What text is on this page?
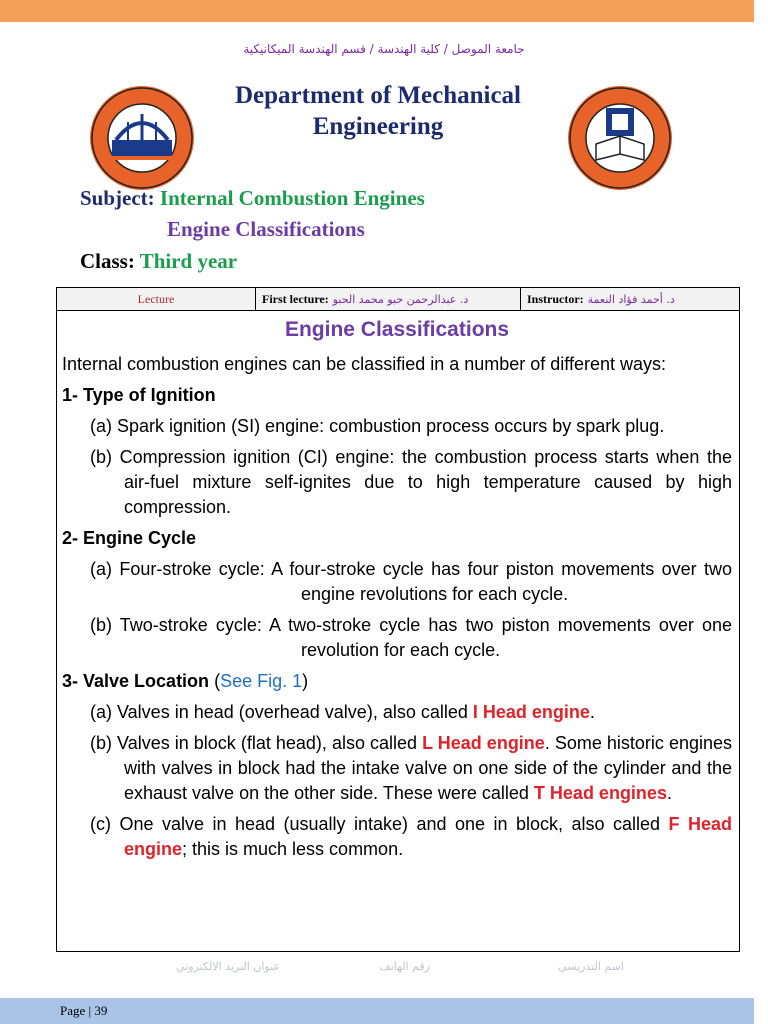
جامعة الموصل / كلية الهندسة / قسم الهندسة الميكانيكية
Department of Mechanical
Engineering
Subject: Internal Combustion Engines
Engine Classifications
Class: Third year
Lecture	First lecture: د. عبدالرحمن حبو محمد الحبو	Instructor: د. أحمد فؤاد النعمة
Engine Classifications

Internal combustion engines can be classified in a number of different ways:

1- Type of Ignition

(a) Spark ignition (SI) engine: combustion process occurs by spark plug.

(b) Compression ignition (CI) engine: the combustion process starts when the air-fuel mixture self-ignites due to high temperature caused by high compression.

2- Engine Cycle

(a) Four-stroke cycle: A four-stroke cycle has four piston movements over two engine revolutions for each cycle.

(b) Two-stroke cycle: A two-stroke cycle has two piston movements over one revolution for each cycle.

3- Valve Location (See Fig. 1)

(a) Valves in head (overhead valve), also called I Head engine.

(b) Valves in block (flat head), also called L Head engine. Some historic engines with valves in block had the intake valve on one side of the cylinder and the exhaust valve on the other side. These were called T Head engines.

(c) One valve in head (usually intake) and one in block, also called F Head engine; this is much less common.

اسم التدريسي
رقم الهاتف
عنوان البريد الالكتروني
Page | 39
